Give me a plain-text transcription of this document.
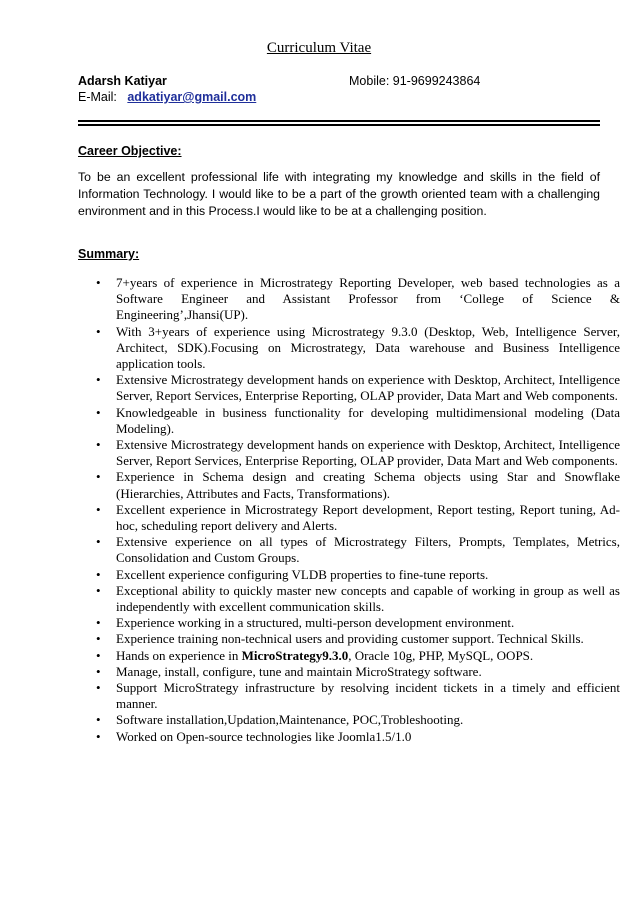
Curriculum Vitae
Adarsh Katiyar	Mobile: 91-9699243864
E-Mail: adkatiyar@gmail.com
Career Objective:

To be an excellent professional life with integrating my knowledge and skills in the field of Information Technology. I would like to be a part of the growth oriented team with a challenging environment and in this Process.I would like to be at a challenging position.

Summary:
• 7+years of experience in Microstrategy Reporting Developer, web based technologies as a Software Engineer and Assistant Professor from ‘College of Science & Engineering’,Jhansi(UP).
• With 3+years of experience using Microstrategy 9.3.0 (Desktop, Web, Intelligence Server, Architect, SDK).Focusing on Microstrategy, Data warehouse and Business Intelligence application tools.
• Extensive Microstrategy development hands on experience with Desktop, Architect, Intelligence Server, Report Services, Enterprise Reporting, OLAP provider, Data Mart and Web components.
• Knowledgeable in business functionality for developing multidimensional modeling (Data Modeling).
• Extensive Microstrategy development hands on experience with Desktop, Architect, Intelligence Server, Report Services, Enterprise Reporting, OLAP provider, Data Mart and Web components.
• Experience in Schema design and creating Schema objects using Star and Snowflake (Hierarchies, Attributes and Facts, Transformations).
• Excellent experience in Microstrategy Report development, Report testing, Report tuning, Ad-hoc, scheduling report delivery and Alerts.
• Extensive experience on all types of Microstrategy Filters, Prompts, Templates, Metrics, Consolidation and Custom Groups.
• Excellent experience configuring VLDB properties to fine-tune reports.
• Exceptional ability to quickly master new concepts and capable of working in group as well as independently with excellent communication skills.
• Experience working in a structured, multi-person development environment.
• Experience training non-technical users and providing customer support. Technical Skills.
• Hands on experience in MicroStrategy9.3.0, Oracle 10g, PHP, MySQL, OOPS.
• Manage, install, configure, tune and maintain MicroStrategy software.
• Support MicroStrategy infrastructure by resolving incident tickets in a timely and efficient manner.
• Software installation,Updation,Maintenance, POC,Trobleshooting.
• Worked on Open-source technologies like Joomla1.5/1.0
